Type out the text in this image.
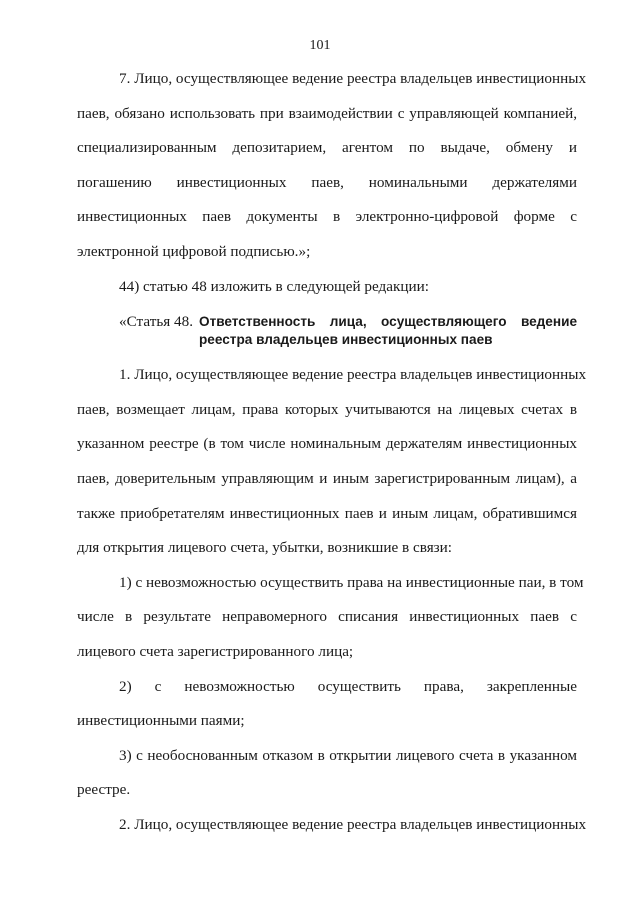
101
7. Лицо, осуществляющее ведение реестра владельцев инвестиционных
паев, обязано использовать при взаимодействии с управляющей компанией,
специализированным депозитарием, агентом по выдаче, обмену и
погашению инвестиционных паев, номинальными держателями
инвестиционных паев документы в электронно-цифровой форме с
электронной цифровой подписью.»;
44) статью 48 изложить в следующей редакции:
«Статья 48. Ответственность лица, осуществляющего ведение
реестра владельцев инвестиционных паев
1. Лицо, осуществляющее ведение реестра владельцев инвестиционных
паев, возмещает лицам, права которых учитываются на лицевых счетах в
указанном реестре (в том числе номинальным держателям инвестиционных
паев, доверительным управляющим и иным зарегистрированным лицам), а
также приобретателям инвестиционных паев и иным лицам, обратившимся
для открытия лицевого счета, убытки, возникшие в связи:
1) с невозможностью осуществить права на инвестиционные паи, в том
числе в результате неправомерного списания инвестиционных паев с
лицевого счета зарегистрированного лица;
2) с невозможностью осуществить права, закрепленные
инвестиционными паями;
3) с необоснованным отказом в открытии лицевого счета в указанном
реестре.
2. Лицо, осуществляющее ведение реестра владельцев инвестиционных
